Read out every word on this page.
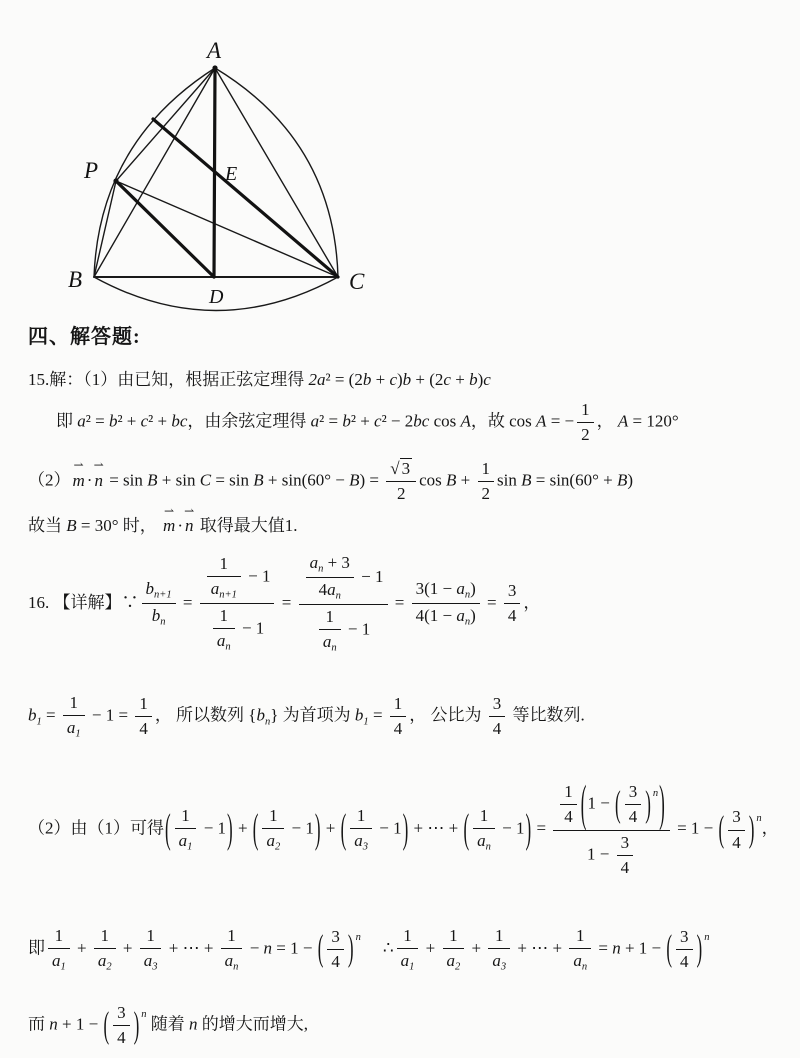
A
P	E
B
D
C
四、解答题:
15.解：（1）由已知，根据正弦定理得 2a² = (2b + c)b + (2c + b)c
即 a² = b² + c² + bc，由余弦定理得 a² = b² + c² − 2bc cos A，故 cos A = − $\frac{1}{2}$ ， A = 120°
（2）
⇀
m ·
⇀
$n = \sin B + \sin C = \sin B + \sin(60^\circ - B) = \frac{√ 3}{2}$ $\cos B + \frac{1}{2}$ sin B = sin(60° + B)
故当 B = 30° 时，
⇀
m ·
⇀
n 取得最大值1.
16. 【详解】∵ $\frac{b_{n+1}}{b_n} = \frac{\frac{1}{a_{n+1}} - 1}{\frac{1}{a_n} - 1} = \frac{\frac{a_n + 3}{4a_n} - 1}{\frac{1}{a_n} - 1} = \frac{3(1 - a_n)}{4(1 - a_n)} = \frac{3}{4}$ ，
$b_1 = \frac{1}{a_1} - 1 = \frac{1}{4}$ ， 所以数列 $\{b_n\}$ 为首项为 $b_1 = \frac{1}{4}$ ， 公比为 $\frac{3}{4}$ 等比数列.
（2）由（1）可得( $\frac{1}{a_1} - 1$) + ( $\frac{1}{a_2} - 1$) + ( $\frac{1}{a_3} - 1$) + ⋯ + ( $\frac{1}{a_n} - 1) = \frac{\frac{1}{4} (1 - ( \frac{3}{4} ) ^n)}{1 - \frac{3}{4}} = 1$ − ( $\frac{3}{4}$ ) $^n$，
即 $\frac{1}{a_1} + \frac{1}{a_2} + \frac{1}{a_3}$ + ⋯ + $\frac{1}{a_n} - n = 1$ − ( $\frac{3}{4}$ ) $^n$∴ $\frac{1}{a_1} + \frac{1}{a_2} + \frac{1}{a_3}$ + ⋯ + $\frac{1}{a_n} = n + 1$ − ( $\frac{3}{4}$ ) $^n$
而 n + 1 − ( $\frac{3}{4}$ ) $^n$ 随着 n 的增大而增大,
